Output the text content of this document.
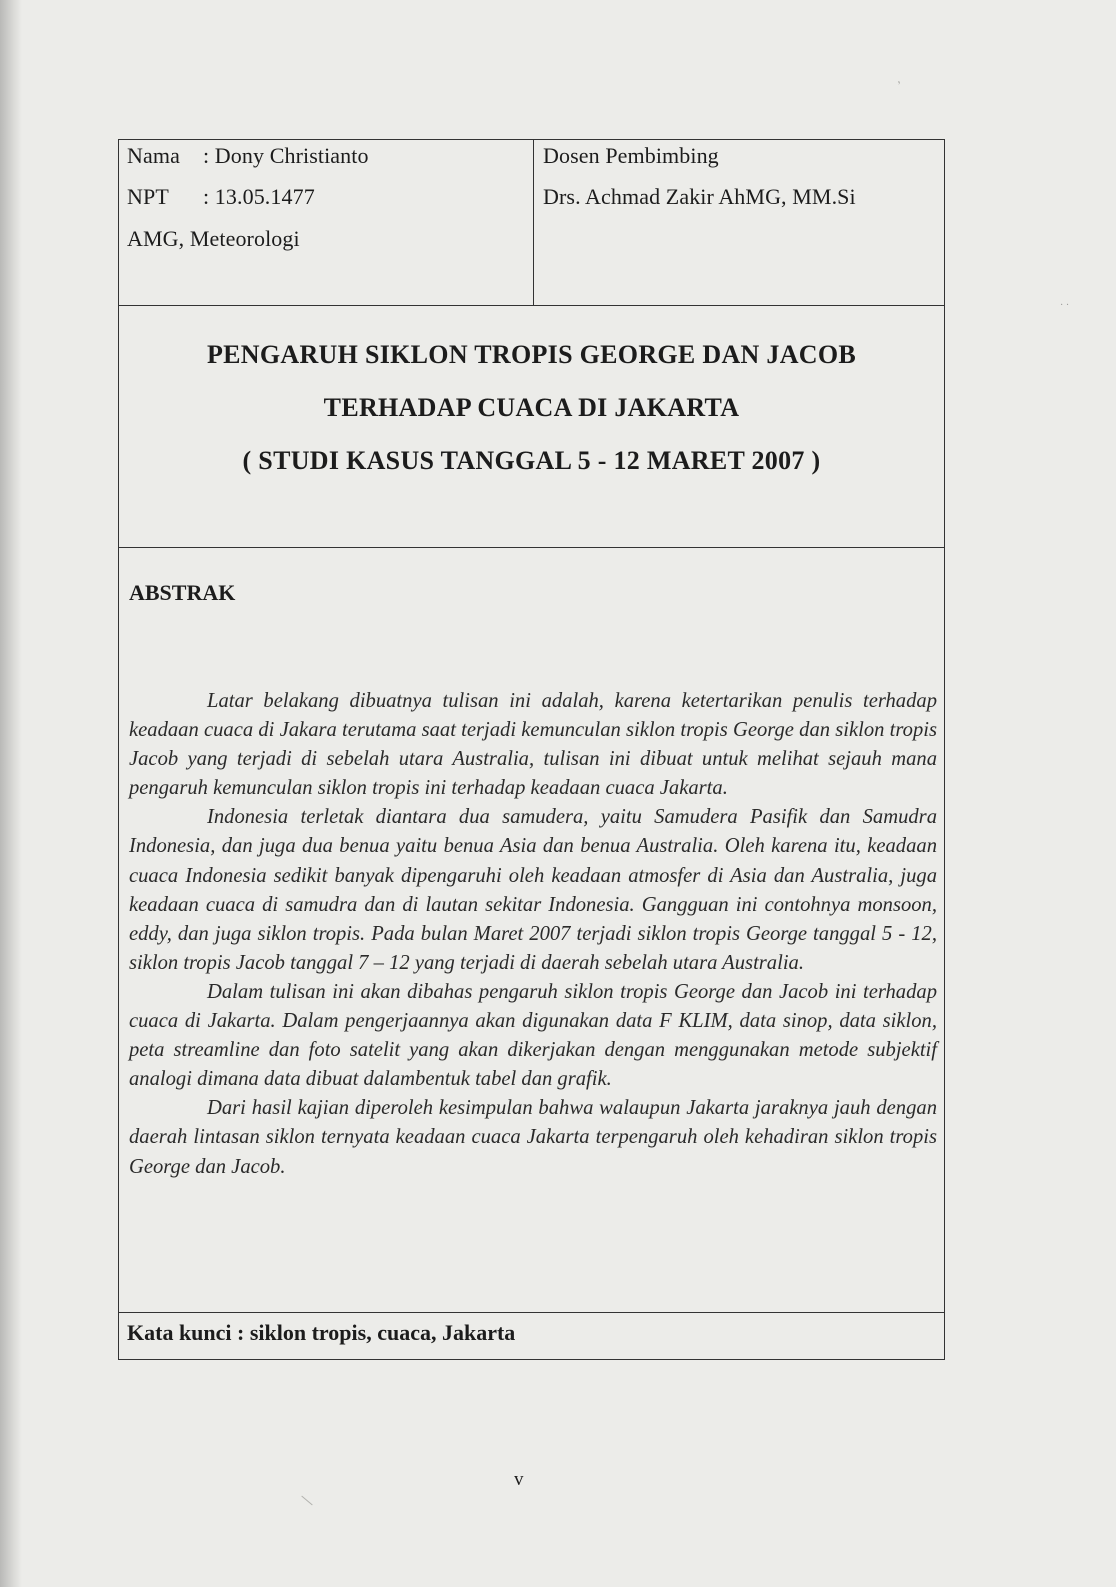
ʼ
· ·
Nama : Dony Christianto
NPT : 13.05.1477
AMG, Meteorologi
Dosen Pembimbing
Drs. Achmad Zakir AhMG, MM.Si
PENGARUH SIKLON TROPIS GEORGE DAN JACOB
TERHADAP CUACA DI JAKARTA
( STUDI KASUS TANGGAL 5 - 12 MARET 2007 )
ABSTRAK

Latar belakang dibuatnya tulisan ini adalah, karena ketertarikan penulis terhadap keadaan cuaca di Jakara terutama saat terjadi kemunculan siklon tropis George dan siklon tropis Jacob yang terjadi di sebelah utara Australia, tulisan ini dibuat untuk melihat sejauh mana pengaruh kemunculan siklon tropis ini terhadap keadaan cuaca Jakarta.

Indonesia terletak diantara dua samudera, yaitu Samudera Pasifik dan Samudra Indonesia, dan juga dua benua yaitu benua Asia dan benua Australia. Oleh karena itu, keadaan cuaca Indonesia sedikit banyak dipengaruhi oleh keadaan atmosfer di Asia dan Australia, juga keadaan cuaca di samudra dan di lautan sekitar Indonesia. Gangguan ini contohnya monsoon, eddy, dan juga siklon tropis. Pada bulan Maret 2007 terjadi siklon tropis George tanggal 5 - 12, siklon tropis Jacob tanggal 7 – 12 yang terjadi di daerah sebelah utara Australia.

Dalam tulisan ini akan dibahas pengaruh siklon tropis George dan Jacob ini terhadap cuaca di Jakarta. Dalam pengerjaannya akan digunakan data F KLIM, data sinop, data siklon, peta streamline dan foto satelit yang akan dikerjakan dengan menggunakan metode subjektif analogi dimana data dibuat dalambentuk tabel dan grafik.

Dari hasil kajian diperoleh kesimpulan bahwa walaupun Jakarta jaraknya jauh dengan daerah lintasan siklon ternyata keadaan cuaca Jakarta terpengaruh oleh kehadiran siklon tropis George dan Jacob.

Kata kunci : siklon tropis, cuaca, Jakarta
v
